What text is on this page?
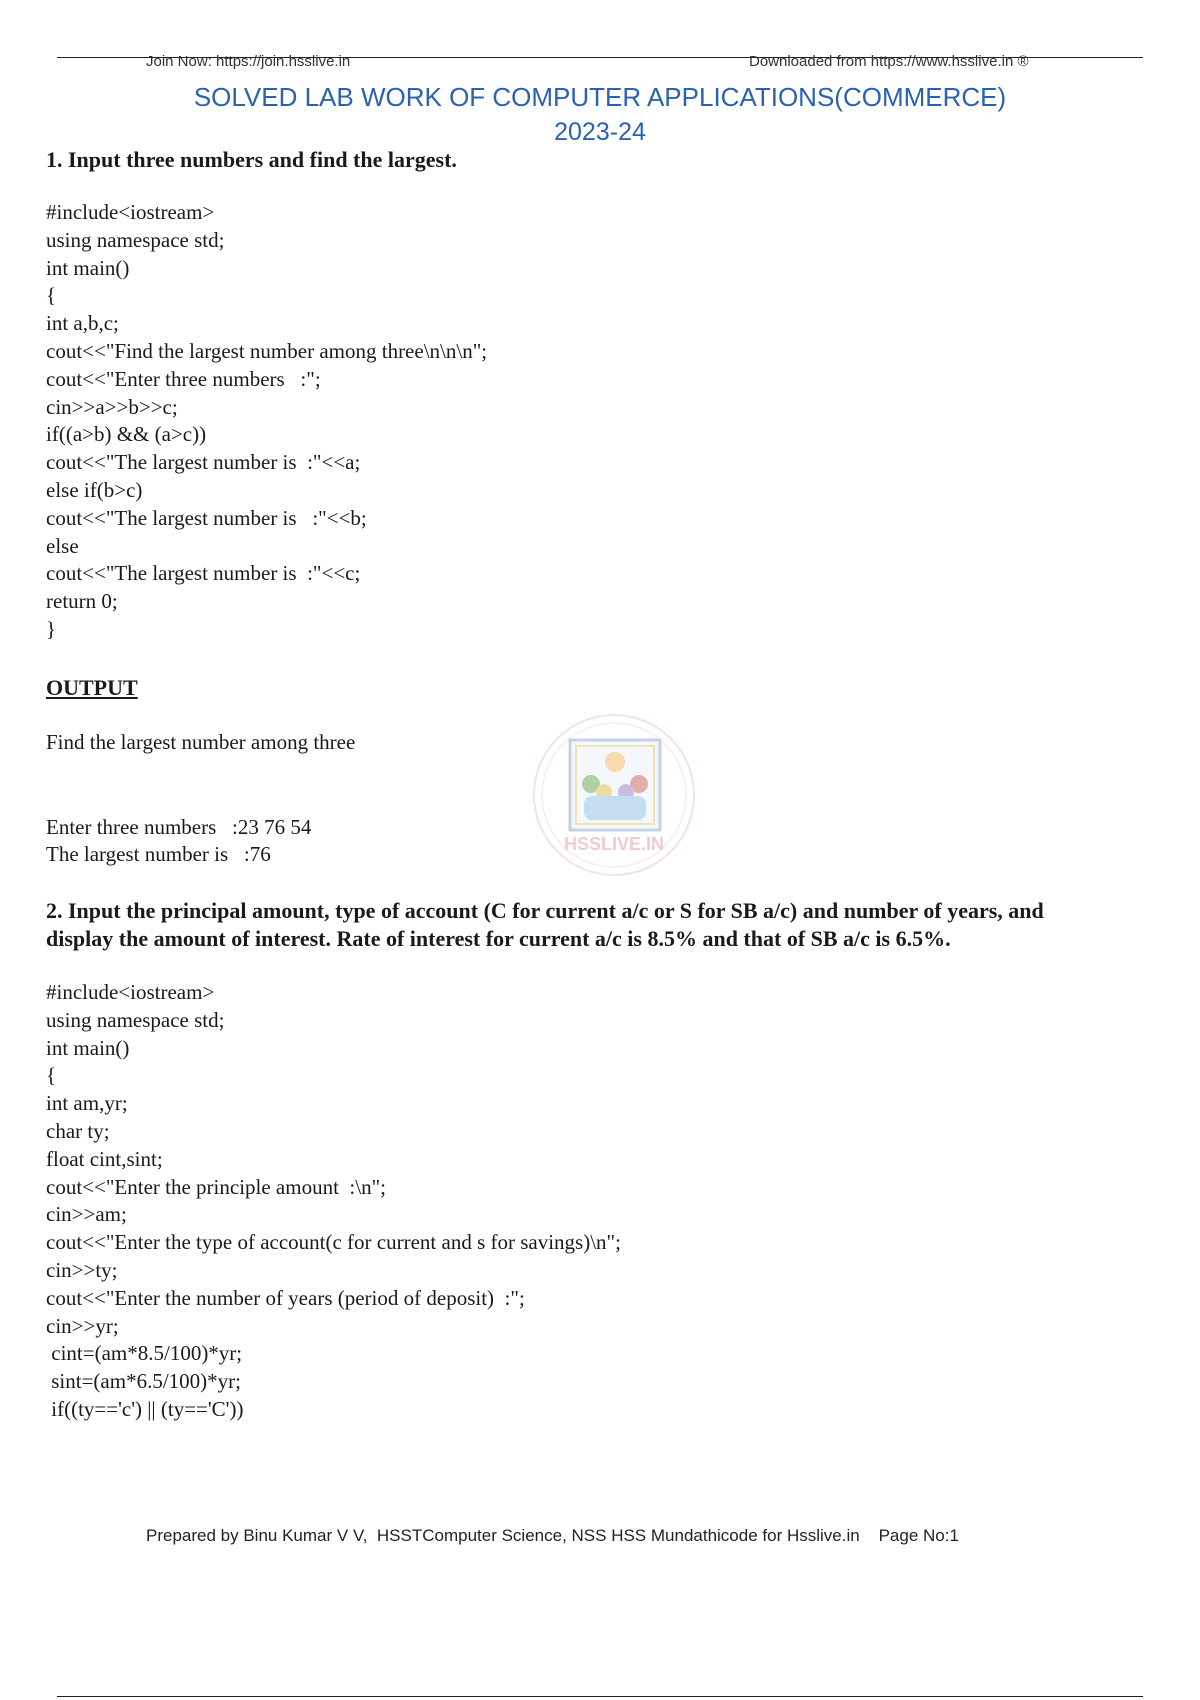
Join Now: https://join.hsslive.in	Downloaded from https://www.hsslive.in ®
SOLVED LAB WORK OF COMPUTER APPLICATIONS(COMMERCE)
2023-24
1. Input three numbers and find the largest.
#include<iostream>
using namespace std;
int main()
{
int a,b,c;
cout<<"Find the largest number among three\n\n\n";
cout<<"Enter three numbers   :";
cin>>a>>b>>c;
if((a>b) && (a>c))
cout<<"The largest number is  :"<<a;
else if(b>c)
cout<<"The largest number is   :"<<b;
else
cout<<"The largest number is  :"<<c;
return 0;
}
OUTPUT
Find the largest number among three
Enter three numbers   :23 76 54
The largest number is   :76	HSSLIVE.IN
2. Input the principal amount, type of account (C for current a/c or S for SB a/c) and number of years, and
display the amount of interest. Rate of interest for current a/c is 8.5% and that of SB a/c is 6.5%.
#include<iostream>
using namespace std;
int main()
{
int am,yr;
char ty;
float cint,sint;
cout<<"Enter the principle amount  :\n";
cin>>am;
cout<<"Enter the type of account(c for current and s for savings)\n";
cin>>ty;
cout<<"Enter the number of years (period of deposit)  :";
cin>>yr;
cint=(am*8.5/100)*yr;
sint=(am*6.5/100)*yr;
if((ty=='c') || (ty=='C'))
Prepared by Binu Kumar V V,  HSSTComputer Science, NSS HSS Mundathicode for Hsslive.in    Page No:1
